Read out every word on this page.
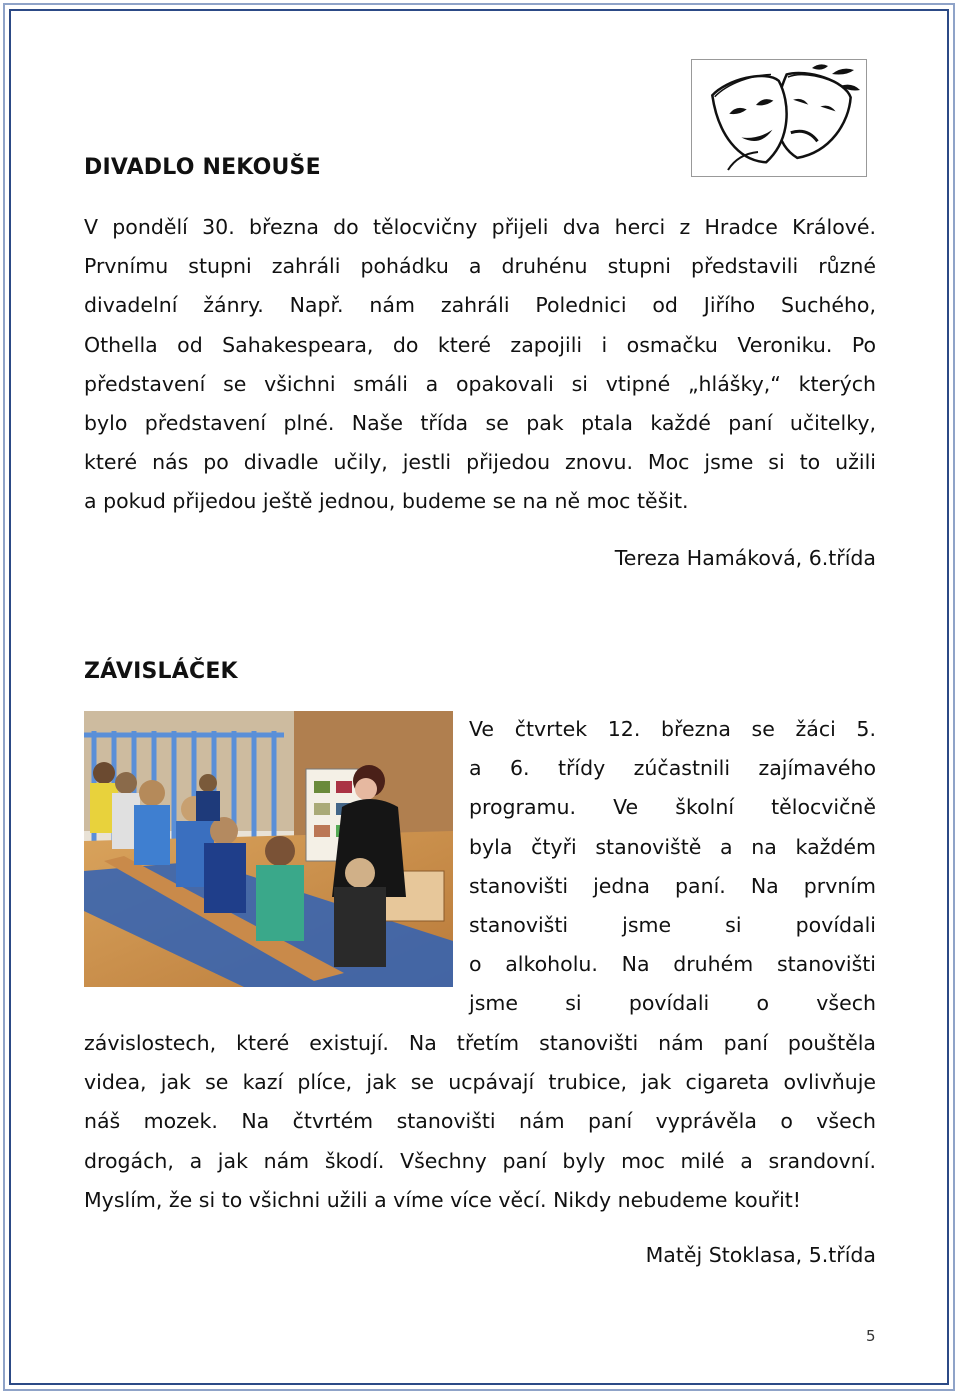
DIVADLO NEKOUŠE
V pondělí 30. března do tělocvičny přijeli dva herci z Hradce Králové.
Prvnímu stupni zahráli pohádku a druhénu stupni představili různé
divadelní žánry. Např. nám zahráli Polednici od Jiřího Suchého,
Othella od Sahakespeara, do které zapojili i osmačku Veroniku. Po
představení se všichni smáli a opakovali si vtipné „hlášky,“ kterých
bylo představení plné. Naše třída se pak ptala každé paní učitelky,
které nás po divadle učily, jestli přijedou znovu. Moc jsme si to užili
a pokud přijedou ještě jednou, budeme se na ně moc těšit.
Tereza Hamáková, 6.třída
ZÁVISLÁČEK
Ve čtvrtek 12. března se žáci 5.
a 6. třídy zúčastnili zajímavého
programu. Ve školní tělocvičně
byla čtyři stanoviště a na každém
stanovišti jedna paní. Na prvním
stanovišti jsme si povídali
o alkoholu. Na druhém stanovišti
jsme si povídali o všech
závislostech, které existují. Na třetím stanovišti nám paní pouštěla
videa, jak se kazí plíce, jak se ucpávají trubice, jak cigareta ovlivňuje
náš mozek. Na čtvrtém stanovišti nám paní vyprávěla o všech
drogách, a jak nám škodí. Všechny paní byly moc milé a srandovní.
Myslím, že si to všichni užili a víme více věcí. Nikdy nebudeme kouřit!
Matěj Stoklasa, 5.třída
5
